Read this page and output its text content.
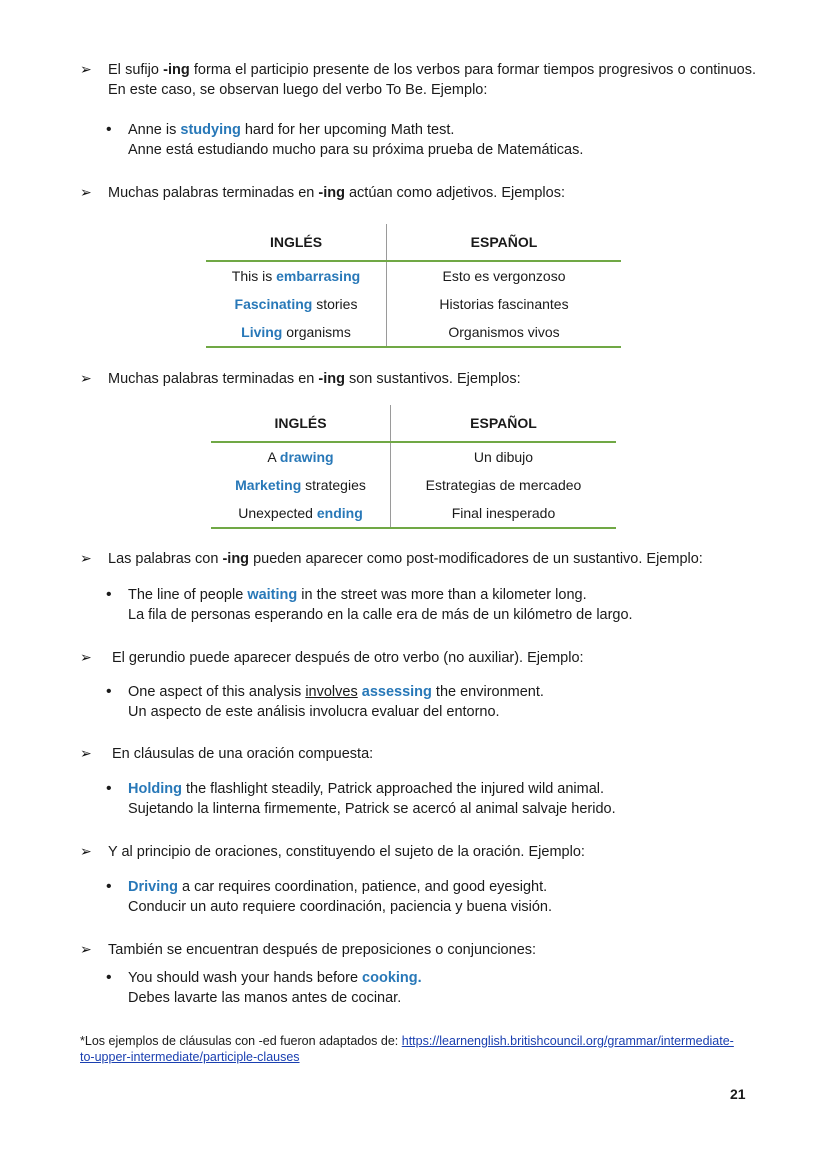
➢ El sufijo -ing forma el participio presente de los verbos para formar tiempos progresivos o continuos. En este caso, se observan luego del verbo To Be. Ejemplo:
• Anne is studying hard for her upcoming Math test.
Anne está estudiando mucho para su próxima prueba de Matemáticas.
➢ Muchas palabras terminadas en -ing actúan como adjetivos. Ejemplos:
INGLÉS	ESPAÑOL
This is embarrasing	Esto es vergonzoso
Fascinating stories	Historias fascinantes
Living organisms	Organismos vivos
➢ Muchas palabras terminadas en -ing son sustantivos. Ejemplos:
INGLÉS	ESPAÑOL
A drawing	Un dibujo
Marketing strategies	Estrategias de mercadeo
Unexpected ending	Final inesperado
➢ Las palabras con -ing pueden aparecer como post-modificadores de un sustantivo. Ejemplo:
• The line of people waiting in the street was more than a kilometer long.
La fila de personas esperando en la calle era de más de un kilómetro de largo.
➢ El gerundio puede aparecer después de otro verbo (no auxiliar). Ejemplo:
• One aspect of this analysis involves assessing the environment.
Un aspecto de este análisis involucra evaluar del entorno.
➢ En cláusulas de una oración compuesta:
• Holding the flashlight steadily, Patrick approached the injured wild animal.
Sujetando la linterna firmemente, Patrick se acercó al animal salvaje herido.
➢ Y al principio de oraciones, constituyendo el sujeto de la oración. Ejemplo:
• Driving a car requires coordination, patience, and good eyesight.
Conducir un auto requiere coordinación, paciencia y buena visión.
➢ También se encuentran después de preposiciones o conjunciones:
• You should wash your hands before cooking.
Debes lavarte las manos antes de cocinar.
*Los ejemplos de cláusulas con -ed fueron adaptados de: https://learnenglish.britishcouncil.org/grammar/intermediate-
to-upper-intermediate/participle-clauses
21
